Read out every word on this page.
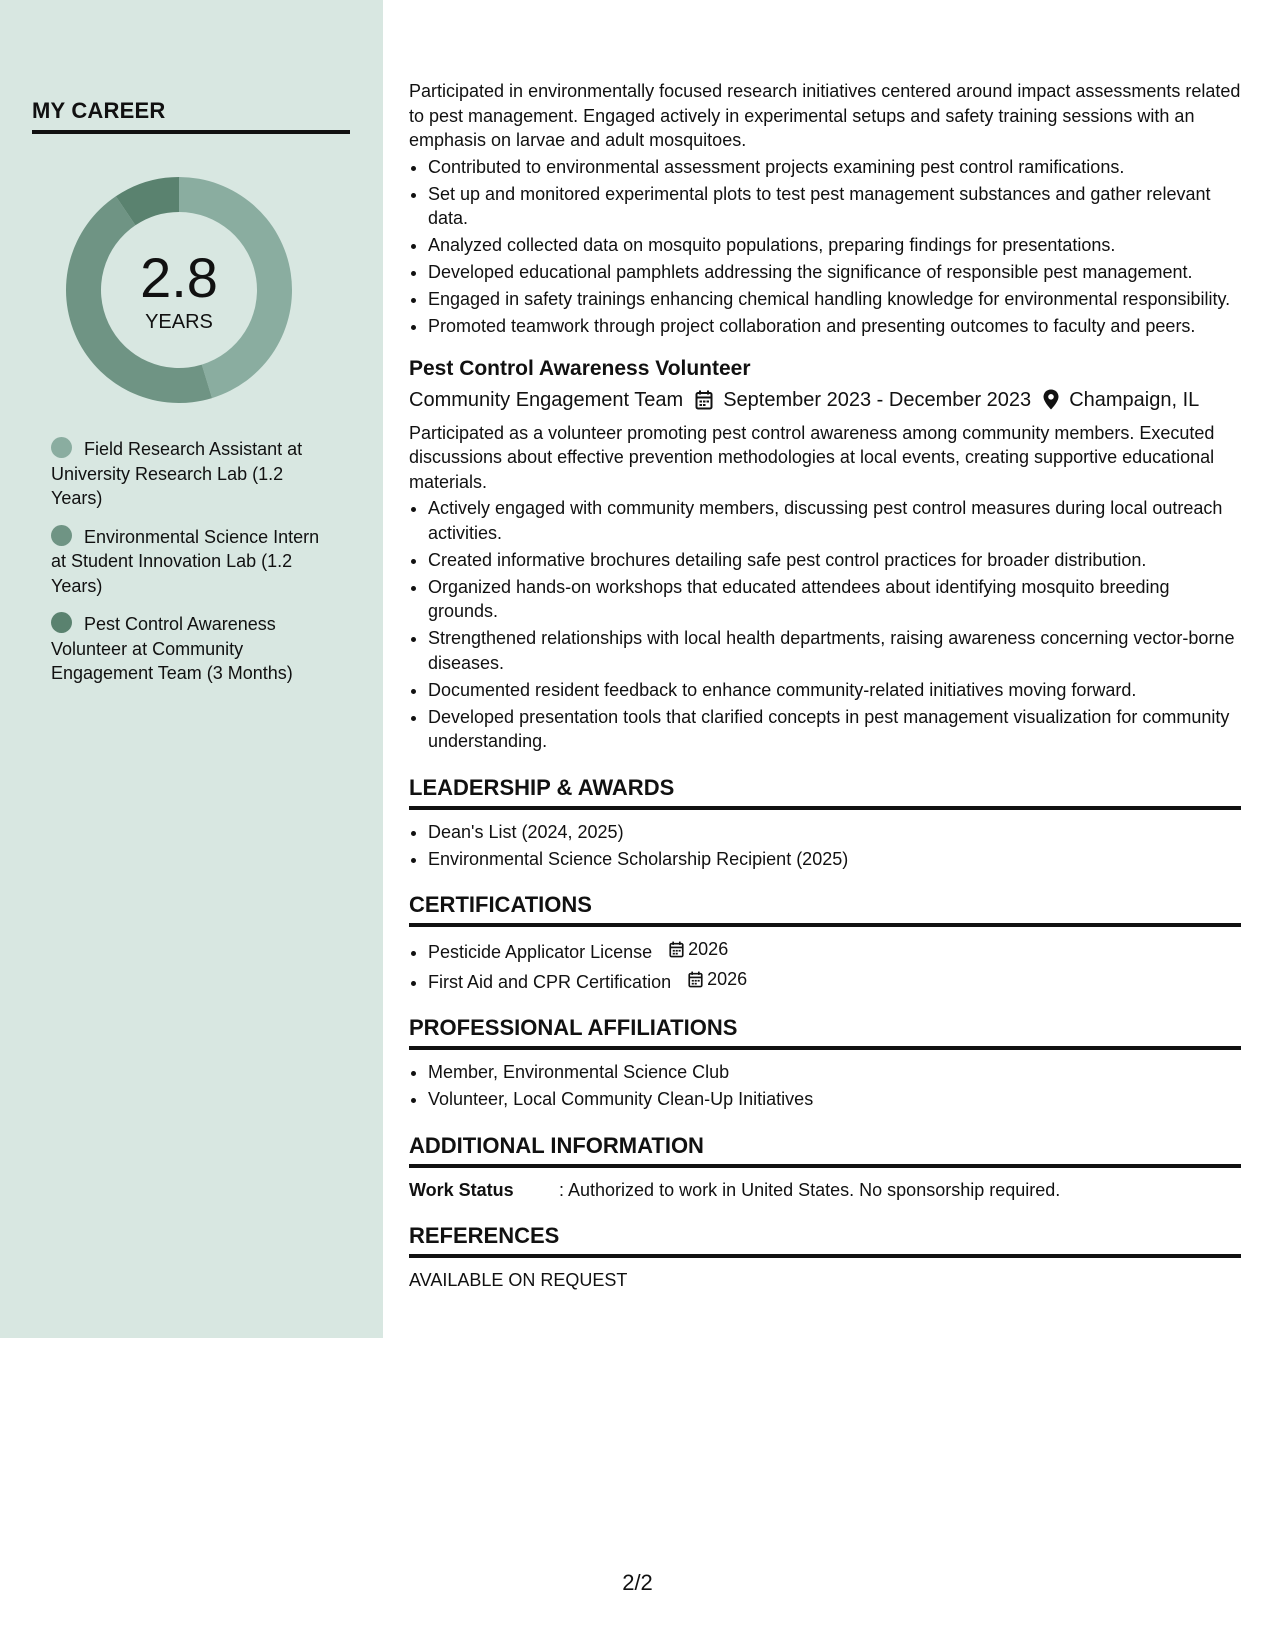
MY CAREER
2.8
YEARS
Field Research Assistant at University Research Lab (1.2 Years)
Environmental Science Intern at Student Innovation Lab (1.2 Years)
Pest Control Awareness Volunteer at Community Engagement Team (3 Months)

Participated in environmentally focused research initiatives centered around impact assessments related to pest management. Engaged actively in experimental setups and safety training sessions with an emphasis on larvae and adult mosquitoes.

• Contributed to environmental assessment projects examining pest control ramifications.
• Set up and monitored experimental plots to test pest management substances and gather relevant data.
• Analyzed collected data on mosquito populations, preparing findings for presentations.
• Developed educational pamphlets addressing the significance of responsible pest management.
• Engaged in safety trainings enhancing chemical handling knowledge for environmental responsibility.
• Promoted teamwork through project collaboration and presenting outcomes to faculty and peers.
Pest Control Awareness Volunteer
Community Engagement Team September 2023 - December 2023 Champaign, IL

Participated as a volunteer promoting pest control awareness among community members. Executed discussions about effective prevention methodologies at local events, creating supportive educational materials.

• Actively engaged with community members, discussing pest control measures during local outreach activities.
• Created informative brochures detailing safe pest control practices for broader distribution.
• Organized hands-on workshops that educated attendees about identifying mosquito breeding grounds.
• Strengthened relationships with local health departments, raising awareness concerning vector-borne diseases.
• Documented resident feedback to enhance community-related initiatives moving forward.
• Developed presentation tools that clarified concepts in pest management visualization for community understanding.
LEADERSHIP & AWARDS
• Dean's List (2024, 2025)
• Environmental Science Scholarship Recipient (2025)
CERTIFICATIONS
• Pesticide Applicator License 2026
• First Aid and CPR Certification 2026
PROFESSIONAL AFFILIATIONS
• Member, Environmental Science Club
• Volunteer, Local Community Clean-Up Initiatives
ADDITIONAL INFORMATION
Work Status	: Authorized to work in United States. No sponsorship required.
REFERENCES

AVAILABLE ON REQUEST

2/2
